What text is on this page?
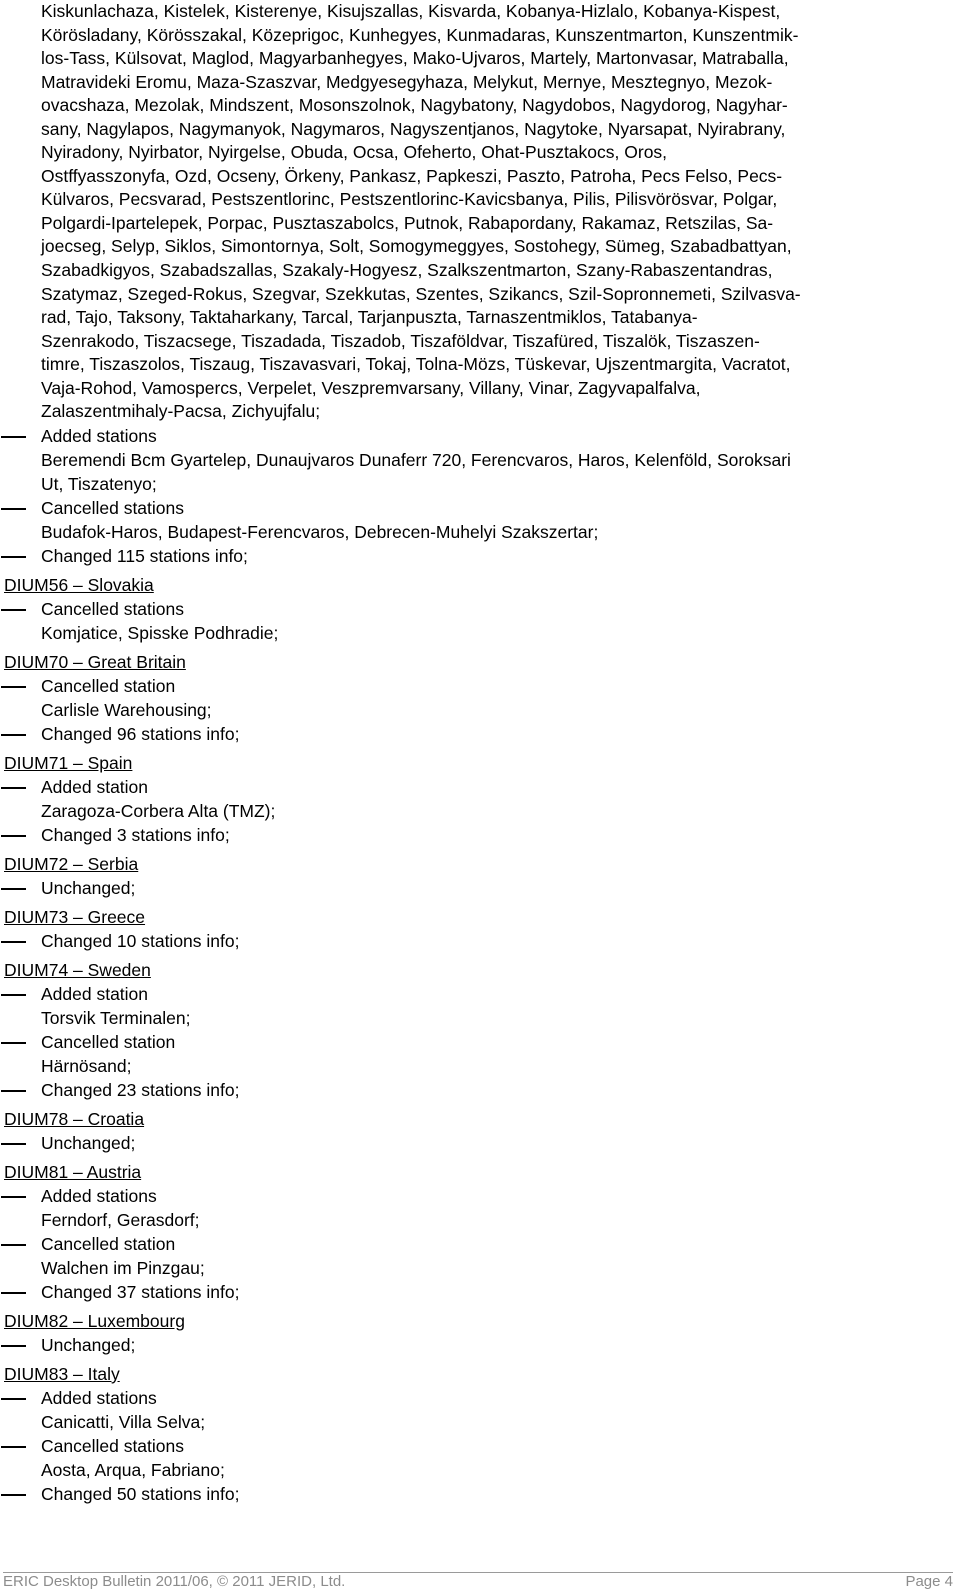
Kiskunlachaza, Kistelek, Kisterenye, Kisujszallas, Kisvarda, Kobanya-Hizlalo, Kobanya-Kispest,
Körösladany, Körösszakal, Közeprigoc, Kunhegyes, Kunmadaras, Kunszentmarton, Kunszentmik-
los-Tass, Külsovat, Maglod, Magyarbanhegyes, Mako-Ujvaros, Martely, Martonvasar, Matraballa,
Matravideki Eromu, Maza-Szaszvar, Medgyesegyhaza, Melykut, Mernye, Mesztegnyo, Mezok-
ovacshaza, Mezolak, Mindszent, Mosonszolnok, Nagybatony, Nagydobos, Nagydorog, Nagyhar-
sany, Nagylapos, Nagymanyok, Nagymaros, Nagyszentjanos, Nagytoke, Nyarsapat, Nyirabrany,
Nyiradony, Nyirbator, Nyirgelse, Obuda, Ocsa, Ofeherto, Ohat-Pusztakocs, Oros,
Ostffyasszonyfa, Ozd, Ocseny, Örkeny, Pankasz, Papkeszi, Paszto, Patroha, Pecs Felso, Pecs-
Külvaros, Pecsvarad, Pestszentlorinc, Pestszentlorinc-Kavicsbanya, Pilis, Pilisvörösvar, Polgar,
Polgardi-Ipartelepek, Porpac, Pusztaszabolcs, Putnok, Rabapordany, Rakamaz, Retszilas, Sa-
joecseg, Selyp, Siklos, Simontornya, Solt, Somogymeggyes, Sostohegy, Sümeg, Szabadbattyan,
Szabadkigyos, Szabadszallas, Szakaly-Hogyesz, Szalkszentmarton, Szany-Rabaszentandras,
Szatymaz, Szeged-Rokus, Szegvar, Szekkutas, Szentes, Szikancs, Szil-Sopronnemeti, Szilvasva-
rad, Tajo, Taksony, Taktaharkany, Tarcal, Tarjanpuszta, Tarnaszentmiklos, Tatabanya-
Szenrakodo, Tiszacsege, Tiszadada, Tiszadob, Tiszaföldvar, Tiszafüred, Tiszalök, Tiszaszen-
timre, Tiszaszolos, Tiszaug, Tiszavasvari, Tokaj, Tolna-Mözs, Tüskevar, Ujszentmargita, Vacratot,
Vaja-Rohod, Vamospercs, Verpelet, Veszpremvarsany, Villany, Vinar, Zagyvapalfalva,
Zalaszentmihaly-Pacsa, Zichyujfalu;
Added stations
Beremendi Bcm Gyartelep, Dunaujvaros Dunaferr 720, Ferencvaros, Haros, Kelenföld, Soroksari
Ut, Tiszatenyo;
Cancelled stations
Budafok-Haros, Budapest-Ferencvaros, Debrecen-Muhelyi Szakszertar;
Changed 115 stations info;
DIUM56 – Slovakia
Cancelled stations
Komjatice, Spisske Podhradie;
DIUM70 – Great Britain
Cancelled station
Carlisle Warehousing;
Changed 96 stations info;
DIUM71 – Spain
Added station
Zaragoza-Corbera Alta (TMZ);
Changed 3 stations info;
DIUM72 – Serbia
Unchanged;
DIUM73 – Greece
Changed 10 stations info;
DIUM74 – Sweden
Added station
Torsvik Terminalen;
Cancelled station
Härnösand;
Changed 23 stations info;
DIUM78 – Croatia
Unchanged;
DIUM81 – Austria
Added stations
Ferndorf, Gerasdorf;
Cancelled station
Walchen im Pinzgau;
Changed 37 stations info;
DIUM82 – Luxembourg
Unchanged;
DIUM83 – Italy
Added stations
Canicatti, Villa Selva;
Cancelled stations
Aosta, Arqua, Fabriano;
Changed 50 stations info;
ERIC Desktop Bulletin 2011/06, © 2011 JERID, Ltd.	Page 4
